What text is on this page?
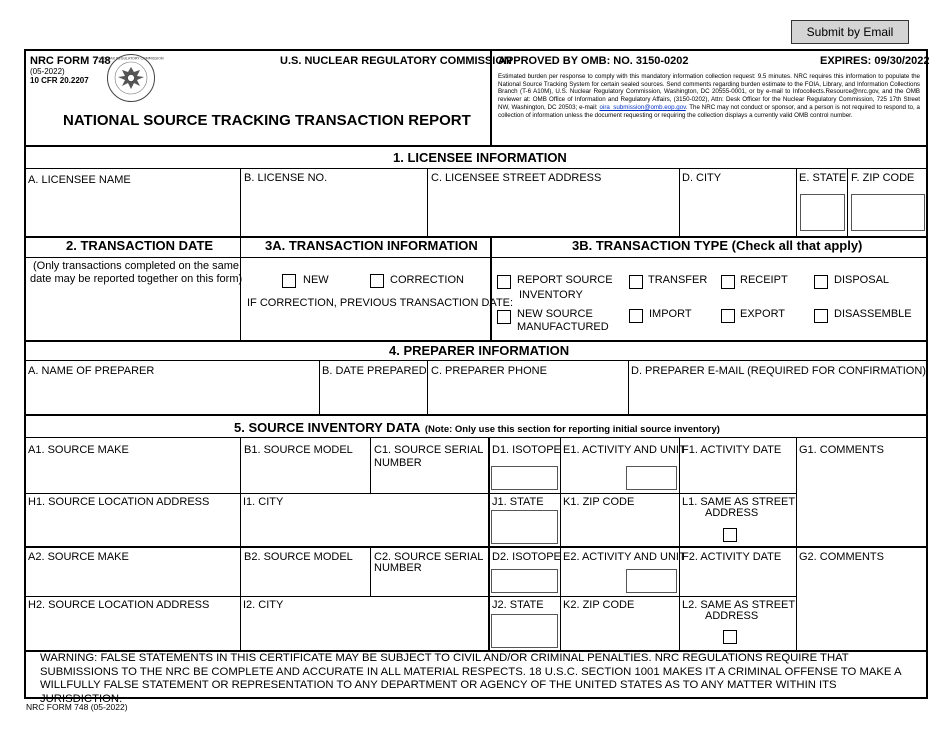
Submit by Email
NRC FORM 748
(05-2022)
10 CFR 20.2207
NUCLEAR REGULATORY COMMISSION	U.S. NUCLEAR REGULATORY COMMISSION
NATIONAL SOURCE TRACKING TRANSACTION REPORT
APPROVED BY OMB: NO. 3150-0202	EXPIRES: 09/30/2022
Estimated burden per response to comply with this mandatory information collection request: 9.5 minutes. NRC requires this information to populate the National Source Tracking System for certain sealed sources. Send comments regarding burden estimate to the FOIA, Library, and Information Collections Branch (T-6 A10M), U.S. Nuclear Regulatory Commission, Washington, DC 20555-0001, or by e-mail to Infocollects.Resource@nrc.gov, and the OMB reviewer at: OMB Office of Information and Regulatory Affairs, (3150-0202), Attn: Desk Officer for the Nuclear Regulatory Commission, 725 17th Street NW, Washington, DC 20503; e-mail: oira_submission@omb.eop.gov. The NRC may not conduct or sponsor, and a person is not required to respond to, a collection of information unless the document requesting or requiring the collection displays a currently valid OMB control number.
1. LICENSEE INFORMATION
A. LICENSEE NAME	B. LICENSE NO.	C. LICENSEE STREET ADDRESS	D. CITY	E. STATE F. ZIP CODE
2. TRANSACTION DATE	3A. TRANSACTION INFORMATION	3B. TRANSACTION TYPE (Check all that apply)
(Only transactions completed on the same
date may be reported together on this form)	NEW	CORRECTION
IF CORRECTION, PREVIOUS TRANSACTION DATE:
REPORT SOURCE
INVENTORY
TRANSFER	RECEIPT	DISPOSAL
NEW SOURCE
MANUFACTURED
IMPORT	EXPORT	DISASSEMBLE
4. PREPARER INFORMATION
A. NAME OF PREPARER	B. DATE PREPARED C. PREPARER PHONE	D. PREPARER E-MAIL (REQUIRED FOR CONFIRMATION)
5. SOURCE INVENTORY DATA (Note: Only use this section for reporting initial source inventory)
A1. SOURCE MAKE	B1. SOURCE MODEL C1. SOURCE SERIAL
NUMBER
D1. ISOTOPE E1. ACTIVITY AND UNIT
F1. ACTIVITY DATE G1. COMMENTS
H1. SOURCE LOCATION ADDRESS	I1. CITY	J1. STATE K1. ZIP CODE	L1. SAME AS STREET
ADDRESS
A2. SOURCE MAKE	B2. SOURCE MODEL C2. SOURCE SERIAL
NUMBER
D2. ISOTOPE E2. ACTIVITY AND UNIT
F2. ACTIVITY DATE G2. COMMENTS
H2. SOURCE LOCATION ADDRESS	I2. CITY	J2. STATE K2. ZIP CODE	L2. SAME AS STREET
ADDRESS
WARNING: FALSE STATEMENTS IN THIS CERTIFICATE MAY BE SUBJECT TO CIVIL AND/OR CRIMINAL PENALTIES. NRC REGULATIONS REQUIRE THAT SUBMISSIONS TO THE NRC BE COMPLETE AND ACCURATE IN ALL MATERIAL RESPECTS. 18 U.S.C. SECTION 1001 MAKES IT A CRIMINAL OFFENSE TO MAKE A WILLFULLY FALSE STATEMENT OR REPRESENTATION TO ANY DEPARTMENT OR AGENCY OF THE UNITED STATES AS TO ANY MATTER WITHIN ITS JURISDICTION.
NRC FORM 748 (05-2022)
